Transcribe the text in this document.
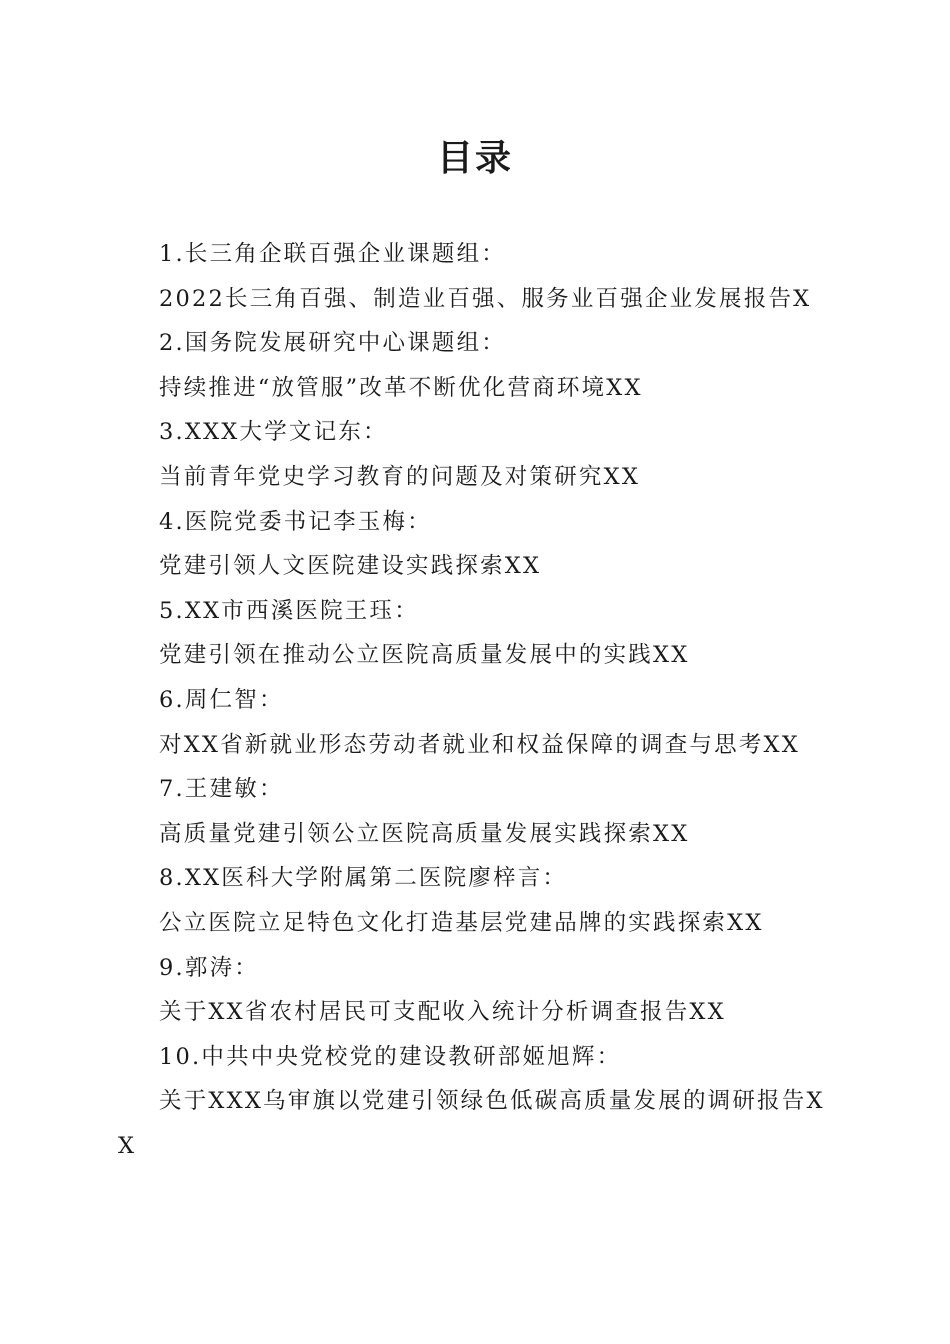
目录
1.长三角企联百强企业课题组：
2022长三角百强、制造业百强、服务业百强企业发展报告X
2.国务院发展研究中心课题组：
持续推进“放管服”改革不断优化营商环境XX
3.XXX大学文记东：
当前青年党史学习教育的问题及对策研究XX
4.医院党委书记李玉梅：
党建引领人文医院建设实践探索XX
5.XX市西溪医院王珏：
党建引领在推动公立医院高质量发展中的实践XX
6.周仁智：
对XX省新就业形态劳动者就业和权益保障的调查与思考XX
7.王建敏：
高质量党建引领公立医院高质量发展实践探索XX
8.XX医科大学附属第二医院廖梓言：
公立医院立足特色文化打造基层党建品牌的实践探索XX
9.郭涛：
关于XX省农村居民可支配收入统计分析调查报告XX
10.中共中央党校党的建设教研部姬旭辉：
关于XXX乌审旗以党建引领绿色低碳高质量发展的调研报告XX
